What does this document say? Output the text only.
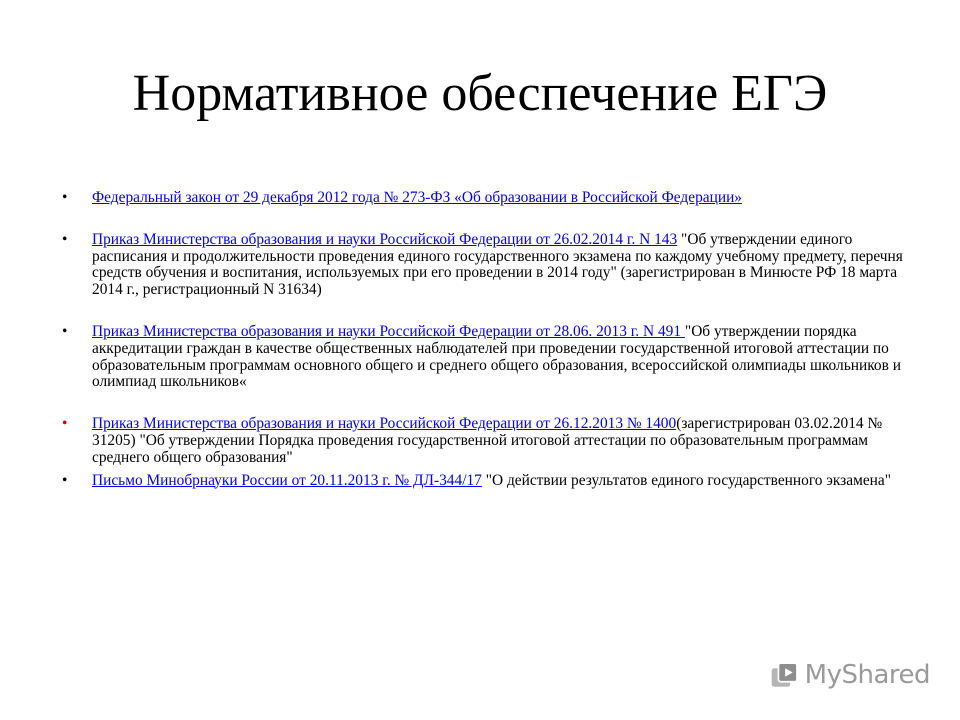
Нормативное обеспечение ЕГЭ
•	Федеральный закон от 29 декабря 2012 года № 273-ФЗ «Об образовании в Российской Федерации»
•	Приказ Министерства образования и науки Российской Федерации от 26.02.2014 г. N 143 "Об утверждении единого расписания и продолжительности проведения единого государственного экзамена по каждому учебному предмету, перечня средств обучения и воспитания, используемых при его проведении в 2014 году" (зарегистрирован в Минюсте РФ 18 марта 2014 г., регистрационный N 31634)
•	Приказ Министерства образования и науки Российской Федерации от 28.06. 2013 г. N 491 "Об утверждении порядка аккредитации граждан в качестве общественных наблюдателей при проведении государственной итоговой аттестации по образовательным программам основного общего и среднего общего образования, всероссийской олимпиады школьников и олимпиад школьников«
•	Приказ Министерства образования и науки Российской Федерации от 26.12.2013 № 1400(зарегистрирован 03.02.2014 № 31205) "Об утверждении Порядка проведения государственной итоговой аттестации по образовательным программам среднего общего образования"
•	Письмо Минобрнауки России от 20.11.2013 г. № ДЛ-344/17 "О действии результатов единого государственного экзамена"
MyShared
